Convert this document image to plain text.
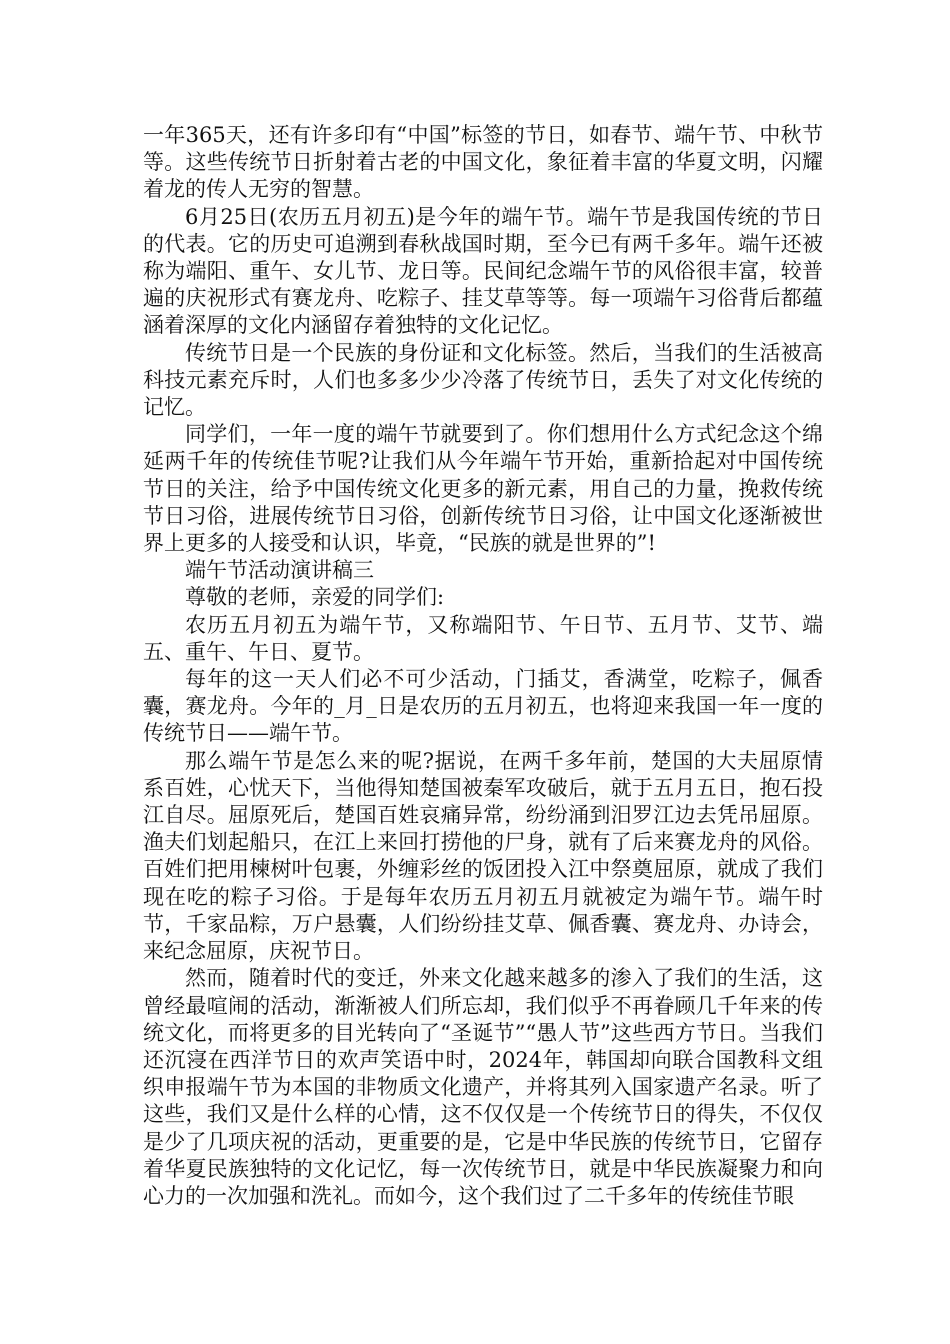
一年365天，还有许多印有“中国”标签的节日，如春节、端午节、中秋节等。这些传统节日折射着古老的中国文化，象征着丰富的华夏文明，闪耀着龙的传人无穷的智慧。

6月25日(农历五月初五)是今年的端午节。端午节是我国传统的节日的代表。它的历史可追溯到春秋战国时期，至今已有两千多年。端午还被称为端阳、重午、女儿节、龙日等。民间纪念端午节的风俗很丰富，较普遍的庆祝形式有赛龙舟、吃粽子、挂艾草等等。每一项端午习俗背后都蕴涵着深厚的文化内涵留存着独特的文化记忆。

传统节日是一个民族的身份证和文化标签。然后，当我们的生活被高科技元素充斥时，人们也多多少少冷落了传统节日，丢失了对文化传统的记忆。

同学们，一年一度的端午节就要到了。你们想用什么方式纪念这个绵延两千年的传统佳节呢?让我们从今年端午节开始，重新拾起对中国传统节日的关注，给予中国传统文化更多的新元素，用自己的力量，挽救传统节日习俗，进展传统节日习俗，创新传统节日习俗，让中国文化逐渐被世界上更多的人接受和认识，毕竟，“民族的就是世界的”!

端午节活动演讲稿三

尊敬的老师，亲爱的同学们:

农历五月初五为端午节，又称端阳节、午日节、五月节、艾节、端五、重午、午日、夏节。

每年的这一天人们必不可少活动，门插艾，香满堂，吃粽子，佩香囊，赛龙舟。今年的_月_日是农历的五月初五，也将迎来我国一年一度的传统节日——端午节。

那么端午节是怎么来的呢?据说，在两千多年前，楚国的大夫屈原情系百姓，心忧天下，当他得知楚国被秦军攻破后，就于五月五日，抱石投江自尽。屈原死后，楚国百姓哀痛异常，纷纷涌到汨罗江边去凭吊屈原。渔夫们划起船只，在江上来回打捞他的尸身，就有了后来赛龙舟的风俗。百姓们把用楝树叶包裹，外缠彩丝的饭团投入江中祭奠屈原，就成了我们现在吃的粽子习俗。于是每年农历五月初五月就被定为端午节。端午时节，千家品粽，万户悬囊，人们纷纷挂艾草、佩香囊、赛龙舟、办诗会，来纪念屈原，庆祝节日。

然而，随着时代的变迁，外来文化越来越多的渗入了我们的生活，这曾经最喧闹的活动，渐渐被人们所忘却，我们似乎不再眷顾几千年来的传统文化，而将更多的目光转向了“圣诞节”“愚人节”这些西方节日。当我们还沉寖在西洋节日的欢声笑语中时，2024年，韩国却向联合国教科文组织申报端午节为本国的非物质文化遗产，并将其列入国家遗产名录。听了这些，我们又是什么样的心情，这不仅仅是一个传统节日的得失，不仅仅是少了几项庆祝的活动，更重要的是，它是中华民族的传统节日，它留存着华夏民族独特的文化记忆，每一次传统节日，就是中华民族凝聚力和向心力的一次加强和洗礼。而如今，这个我们过了二千多年的传统佳节眼
